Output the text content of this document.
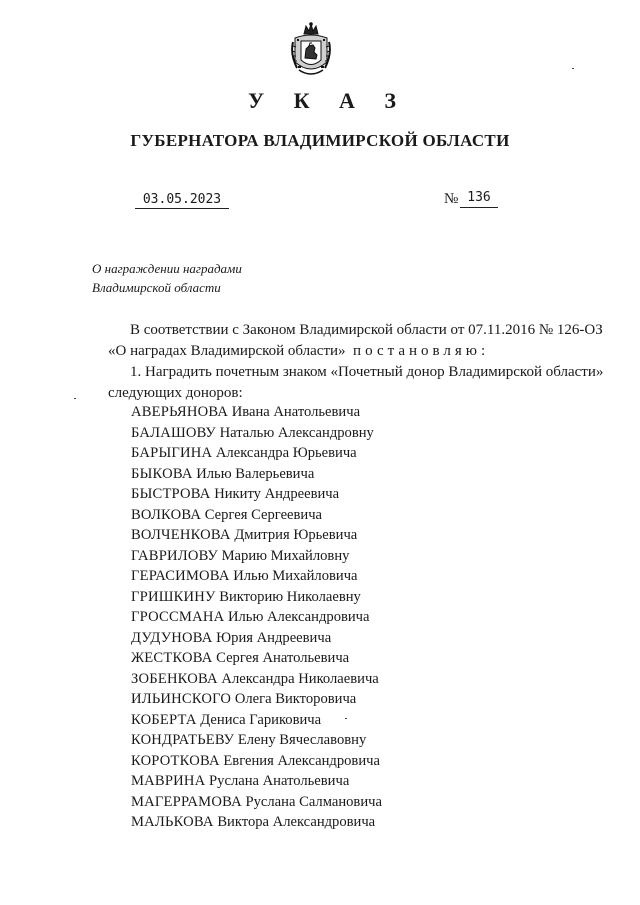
У К А З
ГУБЕРНАТОРА ВЛАДИМИРСКОЙ ОБЛАСТИ
03.05.2023	№ 136
О награждении наградами
Владимирской области
В соответствии с Законом Владимирской области от 07.11.2016 № 126-ОЗ
«О наградах Владимирской области» постановляю:
1. Наградить почетным знаком «Почетный донор Владимирской области»
следующих доноров:
АВЕРЬЯНОВА Ивана Анатольевича
БАЛАШОВУ Наталью Александровну
БАРЫГИНА Александра Юрьевича
БЫКОВА Илью Валерьевича
БЫСТРОВА Никиту Андреевича
ВОЛКОВА Сергея Сергеевича
ВОЛЧЕНКОВА Дмитрия Юрьевича
ГАВРИЛОВУ Марию Михайловну
ГЕРАСИМОВА Илью Михайловича
ГРИШКИНУ Викторию Николаевну
ГРОССМАНА Илью Александровича
ДУДУНОВА Юрия Андреевича
ЖЕСТКОВА Сергея Анатольевича
ЗОБЕНКОВА Александра Николаевича
ИЛЬИНСКОГО Олега Викторовича
КОБЕРТА Дениса Гариковича
КОНДРАТЬЕВУ Елену Вячеславовну
КОРОТКОВА Евгения Александровича
МАВРИНА Руслана Анатольевича
МАГЕРРАМОВА Руслана Салмановича
МАЛЬКОВА Виктора Александровича
